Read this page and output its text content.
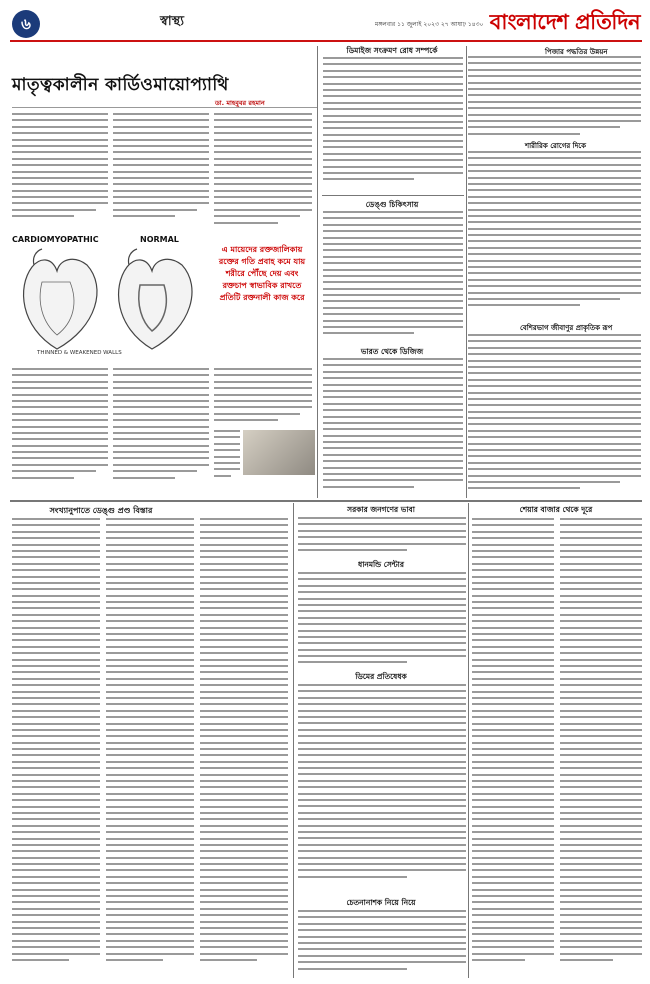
৬	স্বাস্থ্য	মঙ্গলবার ১১ জুলাই ২০২৩ ২৭ আষাঢ় ১৪৩০ বাংলাদেশ প্রতিদিন
পিজার পদ্ধতির উন্নয়ন
শারীরিক রোগের দিকে
বেশিরভাগ জীবাণুর প্রাকৃতিক রূপ
ডিমাইজ সংক্রমণ রোধ সম্পর্কে
ডেঙ্গু চিকিৎসায়
ভারত থেকে ডিজিজ
মাতৃত্বকালীন কার্ডিওমায়োপ্যাথি
ডা. মাহবুবর রহমান
এ মায়েদের রক্তজালিকায় রক্তের গতি প্রবাহ কমে যায় শরীরে পৌঁছে দেয় এবং রক্তচাপ স্বাভাবিক রাখতে প্রতিটি রক্তনালী কাজ করে
CARDIOMYOPATHIC	NORMAL
THINNED & WEAKENED WALLS
সংখ্যানুপাতে ডেঙ্গু প্রণ্ড বিস্তার	সরকার জনগণের ভাবা
ধানমন্ডি সেন্টার
ডিমের প্রতিষেধক
চেতনানাশক নিয়ে নিয়ে
শেয়ার বাজার থেকে দূরে
